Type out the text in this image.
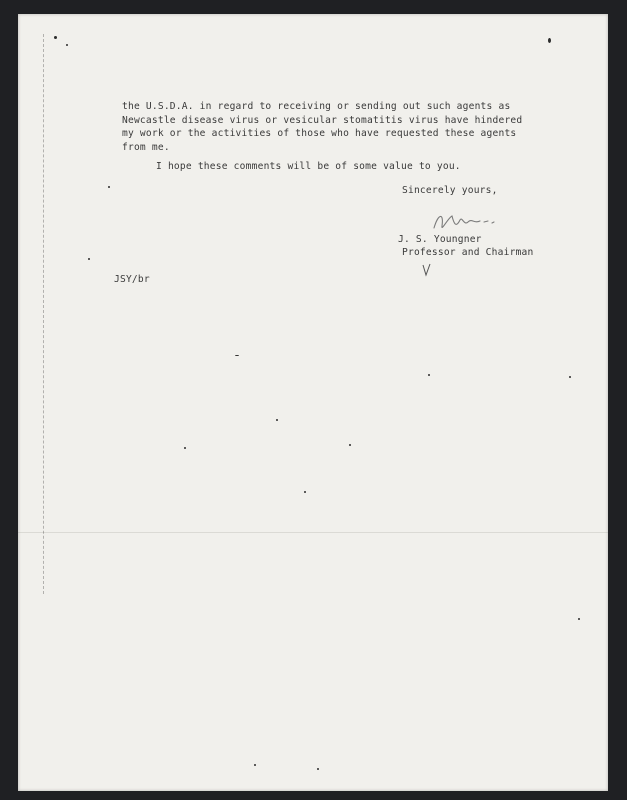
the U.S.D.A. in regard to receiving or sending out such agents as
Newcastle disease virus or vesicular stomatitis virus have hindered
my work or the activities of those who have requested these agents
from me.
I hope these comments will be of some value to you.
Sincerely yours,
J. S. Youngner
Professor and Chairman
JSY/br
